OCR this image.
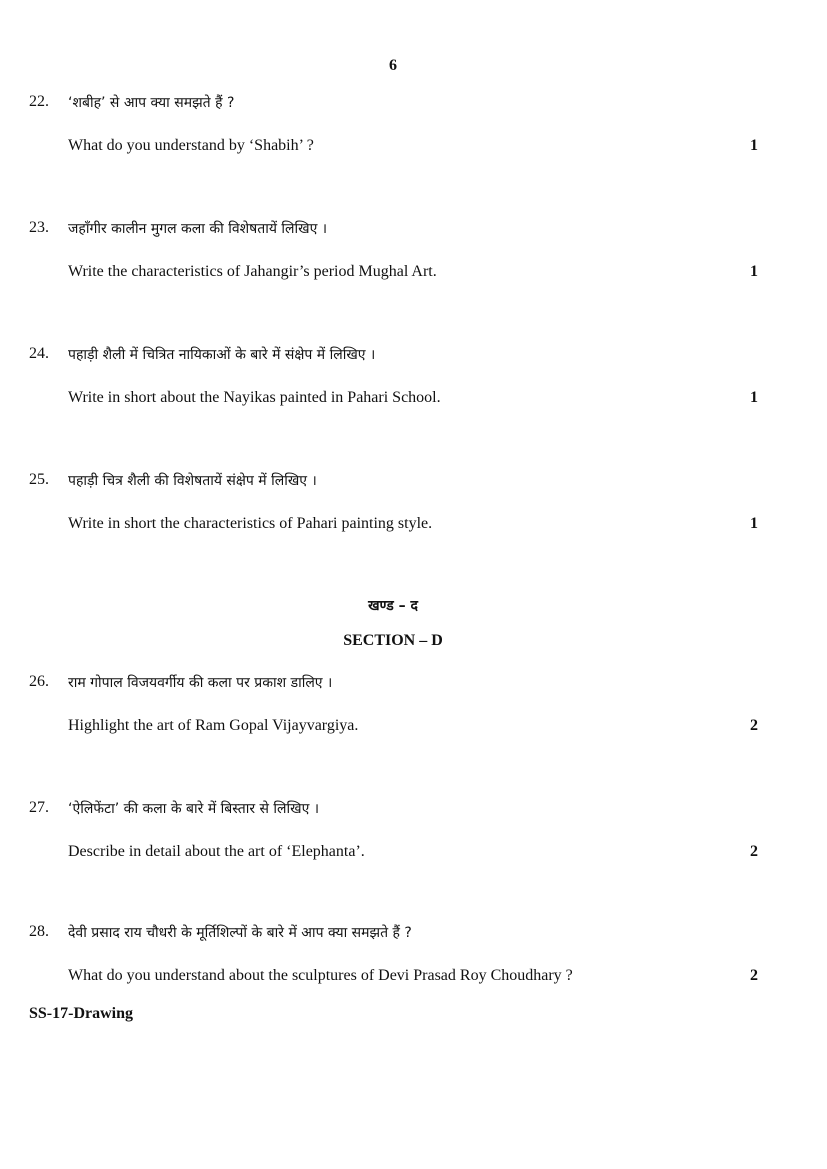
6
22. ‘शबीह’ से आप क्या समझते हैं ?
What do you understand by ‘Shabih’ ?	1
23. जहाँगीर कालीन मुगल कला की विशेषतायें लिखिए ।
Write the characteristics of Jahangir’s period Mughal Art.	1
24. पहाड़ी शैली में चित्रित नायिकाओं के बारे में संक्षेप में लिखिए ।
Write in short about the Nayikas painted in Pahari School.	1
25. पहाड़ी चित्र शैली की विशेषतायें संक्षेप में लिखिए ।
Write in short the characteristics of Pahari painting style.	1
खण्ड – द
SECTION – D
26. राम गोपाल विजयवर्गीय की कला पर प्रकाश डालिए ।
Highlight the art of Ram Gopal Vijayvargiya.	2
27. ‘ऐलिफेंटा’ की कला के बारे में बिस्तार से लिखिए ।
Describe in detail about the art of ‘Elephanta’.	2
28. देवी प्रसाद राय चौधरी के मूर्तिशिल्पों के बारे में आप क्या समझते हैं ?
What do you understand about the sculptures of Devi Prasad Roy Choudhary ?	2
SS-17-Drawing
